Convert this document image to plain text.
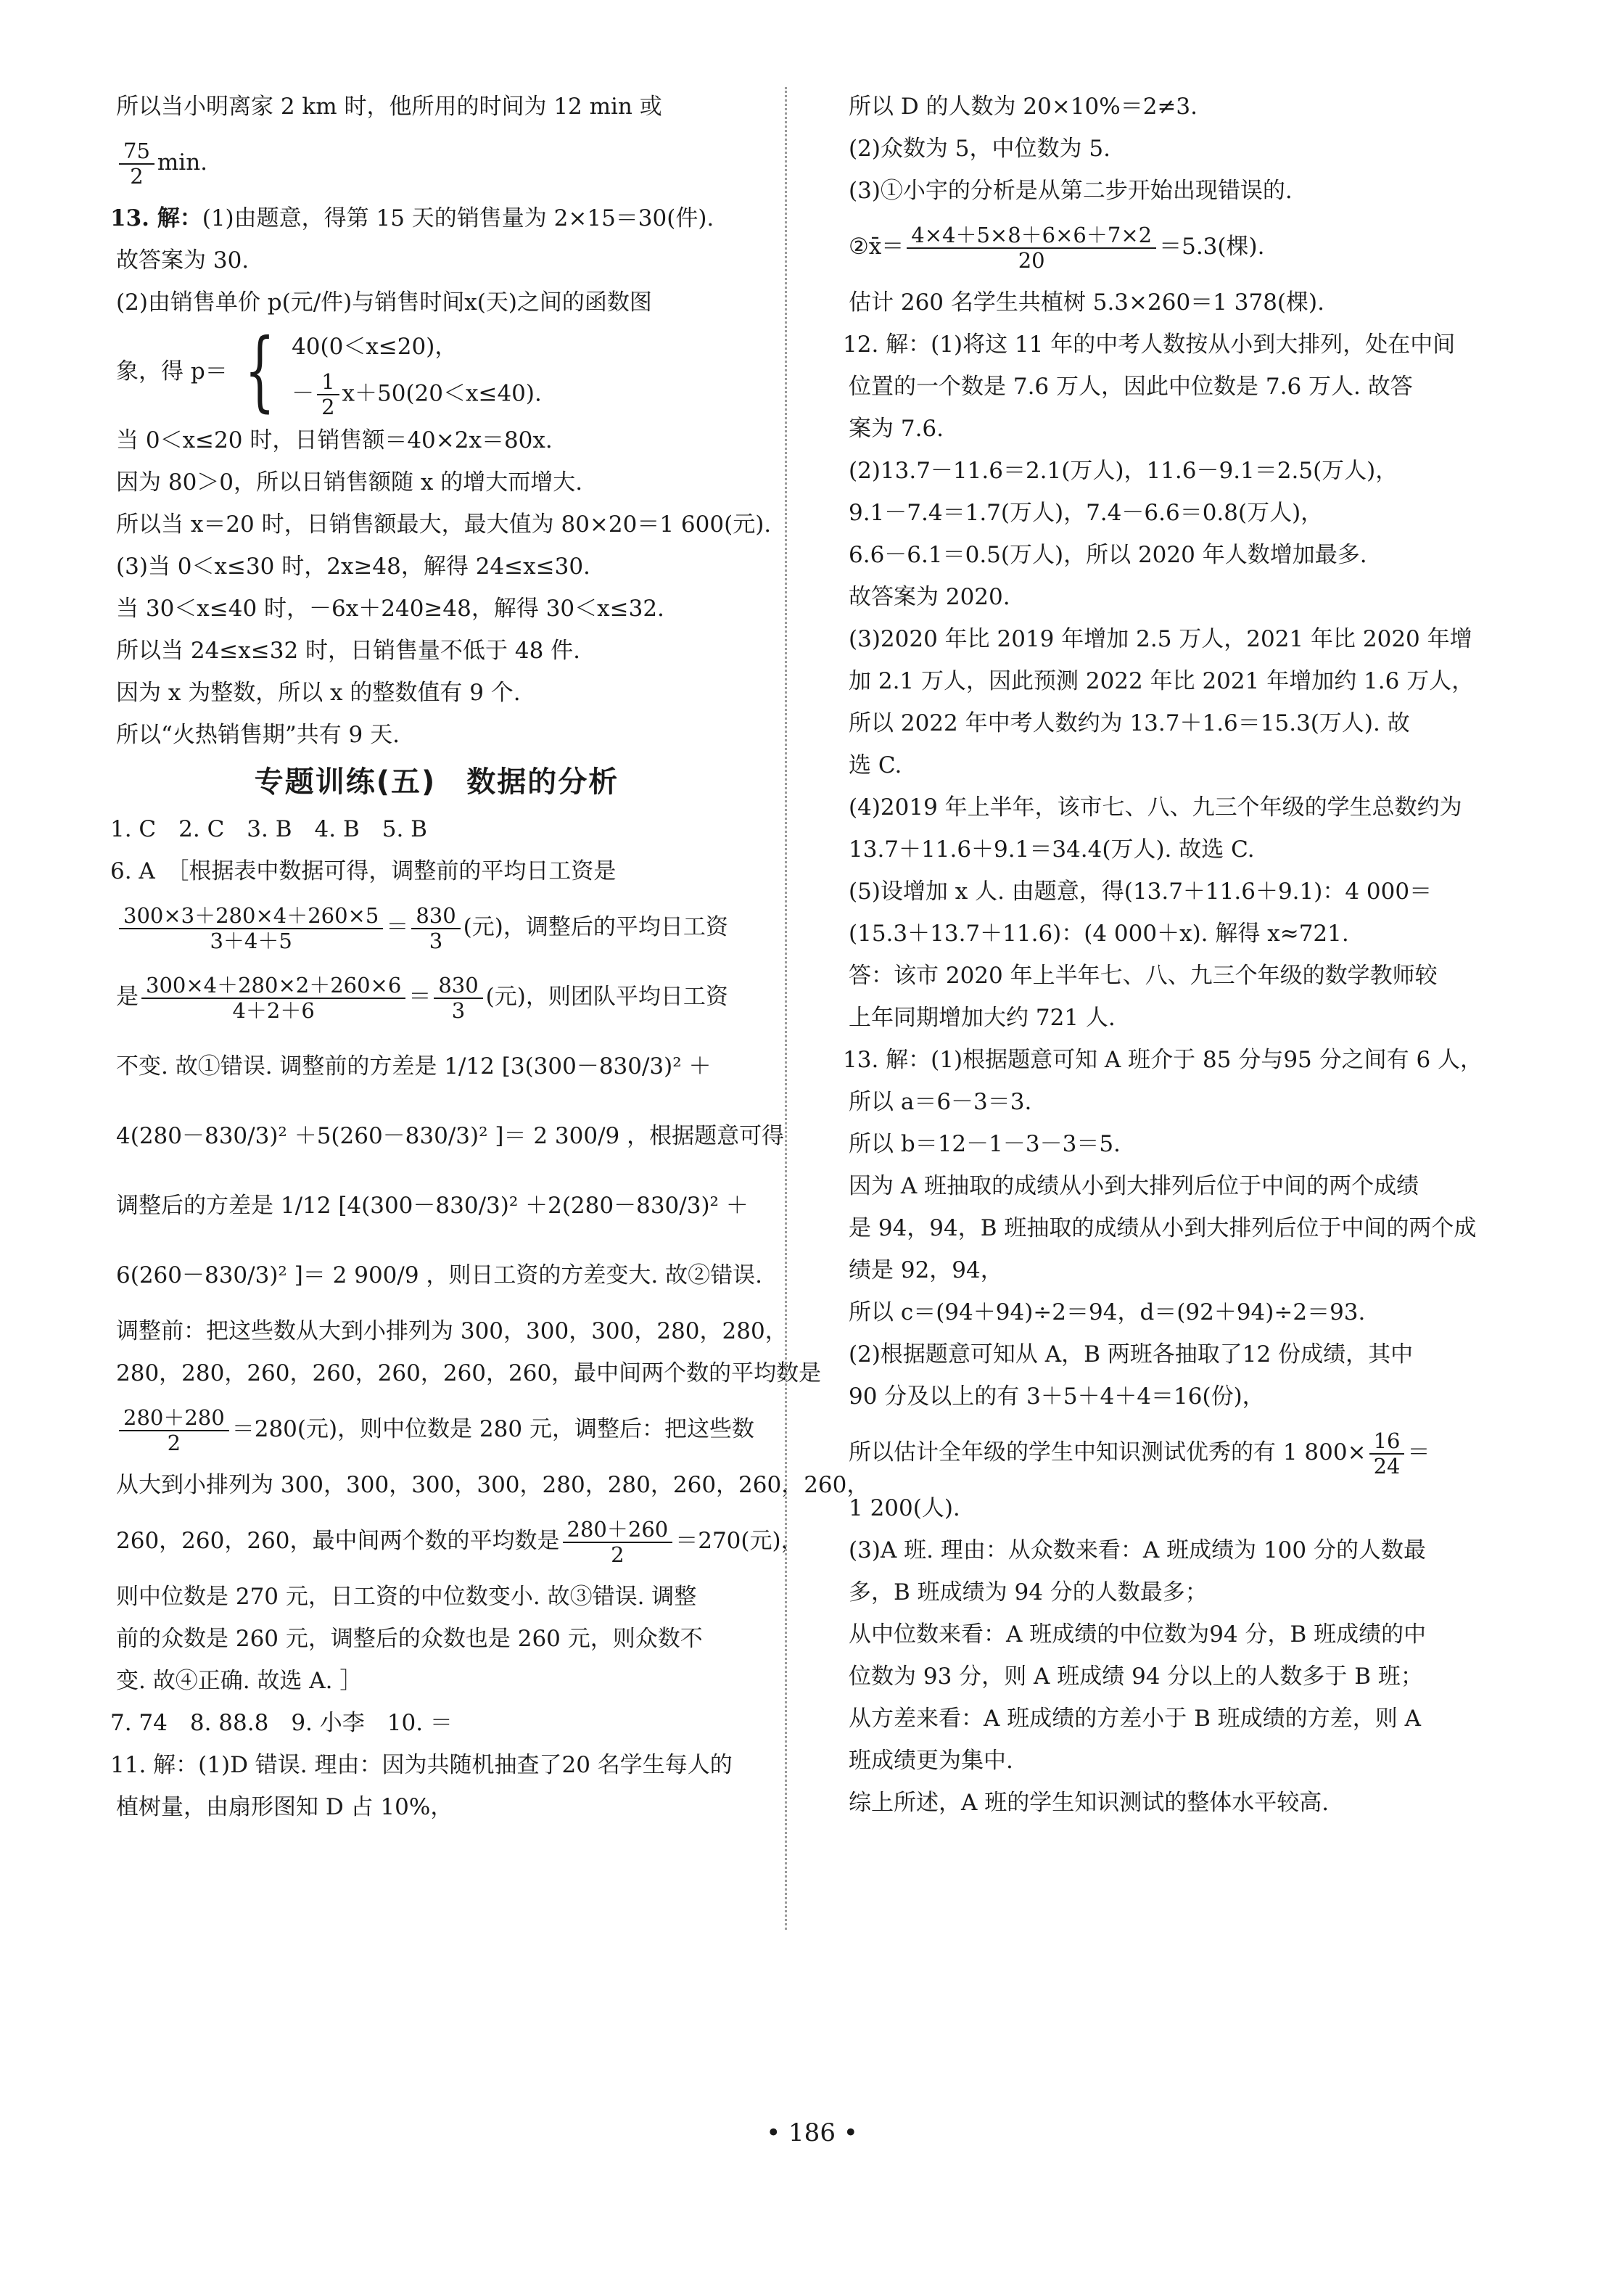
所以当小明离家 2 km 时，他所用的时间为 12 min 或
$\frac{75}{2} \min$.
13. 解：(1)由题意，得第 15 天的销售量为 2×15＝30(件).
故答案为 30.
(2)由销售单价 p(元/件)与销售时间x(天)之间的函数图
象，得 p＝ { 40(0＜x≤20)，
－ $\frac{1}{2} x+50(20<x\le 40)$.
当 0＜x≤20 时，日销售额＝40×2x＝80x.
因为 80＞0，所以日销售额随 x 的增大而增大.
所以当 x＝20 时，日销售额最大，最大值为 80×20＝1 600(元).
(3)当 0＜x≤30 时，2x≥48，解得 24≤x≤30.
当 30＜x≤40 时，－6x＋240≥48，解得 30＜x≤32.
所以当 24≤x≤32 时，日销售量不低于 48 件.
因为 x 为整数，所以 x 的整数值有 9 个.
所以“火热销售期”共有 9 天.
专题训练(五)　数据的分析
1. C　2. C　3. B　4. B　5. B
6. A　［根据表中数据可得，调整前的平均日工资是
$\frac{300\times 3+280\times 4+260\times 5}{3+4+5} = \frac{830}{3}$ (元)，调整后的平均日工资
是 $\frac{300\times 4+280\times 2+260\times 6}{4+2+6} = \frac{830}{3}$ (元)，则团队平均日工资
不变. 故①错误. 调整前的方差是 1/12 [3(300－830/3)² ＋
4(280－830/3)² ＋5(260－830/3)² ]＝ 2 300/9 ，根据题意可得
调整后的方差是 1/12 [4(300－830/3)² ＋2(280－830/3)² ＋
6(260－830/3)² ]＝ 2 900/9 ，则日工资的方差变大. 故②错误.
调整前：把这些数从大到小排列为 300，300，300，280，280，
280，280，260，260，260，260，260，最中间两个数的平均数是
$\frac{280+280}{2} =280$(元)，则中位数是 280 元，调整后：把这些数
从大到小排列为 300，300，300，300，280，280，260，260，260，
260，260，260，最中间两个数的平均数是 $\frac{280+260}{2} =270$(元)，
则中位数是 270 元，日工资的中位数变小. 故③错误. 调整
前的众数是 260 元，调整后的众数也是 260 元，则众数不
变. 故④正确. 故选 A. ］
7. 74　8. 88.8　9. 小李　10. ＝
11. 解：(1)D 错误. 理由：因为共随机抽查了20 名学生每人的
植树量，由扇形图知 D 占 10%，
所以 D 的人数为 20×10%＝2≠3.
(2)众数为 5，中位数为 5.
(3)①小宇的分析是从第二步开始出现错误的.
②x̄＝ $\frac{4\times 4+5\times 8+6\times 6+7\times 2}{20} =5.3$(棵).
估计 260 名学生共植树 5.3×260＝1 378(棵).
12. 解：(1)将这 11 年的中考人数按从小到大排列，处在中间
位置的一个数是 7.6 万人，因此中位数是 7.6 万人. 故答
案为 7.6.
(2)13.7－11.6＝2.1(万人)，11.6－9.1＝2.5(万人)，
9.1－7.4＝1.7(万人)，7.4－6.6＝0.8(万人)，
6.6－6.1＝0.5(万人)，所以 2020 年人数增加最多.
故答案为 2020.
(3)2020 年比 2019 年增加 2.5 万人，2021 年比 2020 年增
加 2.1 万人，因此预测 2022 年比 2021 年增加约 1.6 万人，
所以 2022 年中考人数约为 13.7＋1.6＝15.3(万人). 故
选 C.
(4)2019 年上半年，该市七、八、九三个年级的学生总数约为
13.7＋11.6＋9.1＝34.4(万人). 故选 C.
(5)设增加 x 人. 由题意，得(13.7＋11.6＋9.1)：4 000＝
(15.3＋13.7＋11.6)：(4 000＋x). 解得 x≈721.
答：该市 2020 年上半年七、八、九三个年级的数学教师较
上年同期增加大约 721 人.
13. 解：(1)根据题意可知 A 班介于 85 分与95 分之间有 6 人，
所以 a＝6－3＝3.
所以 b＝12－1－3－3＝5.
因为 A 班抽取的成绩从小到大排列后位于中间的两个成绩
是 94，94，B 班抽取的成绩从小到大排列后位于中间的两个成
绩是 92，94，
所以 c＝(94＋94)÷2＝94，d＝(92＋94)÷2＝93.
(2)根据题意可知从 A，B 两班各抽取了12 份成绩，其中
90 分及以上的有 3＋5＋4＋4＝16(份)，
所以估计全年级的学生中知识测试优秀的有 1 $800\times \frac{16}{24}$ ＝
1 200(人).
(3)A 班. 理由：从众数来看：A 班成绩为 100 分的人数最
多，B 班成绩为 94 分的人数最多；
从中位数来看：A 班成绩的中位数为94 分，B 班成绩的中
位数为 93 分，则 A 班成绩 94 分以上的人数多于 B 班；
从方差来看：A 班成绩的方差小于 B 班成绩的方差，则 A
班成绩更为集中.
综上所述，A 班的学生知识测试的整体水平较高.
• 186 •
